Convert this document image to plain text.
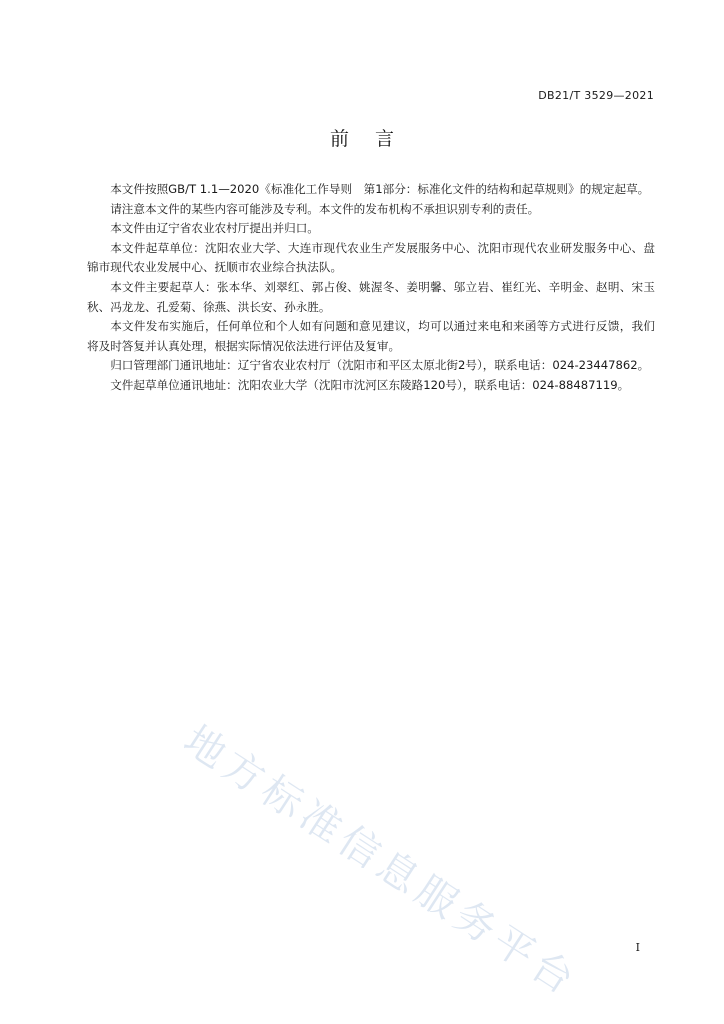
DB21/T 3529—2021
前言

本文件按照GB/T 1.1—2020《标准化工作导则　第1部分：标准化文件的结构和起草规则》的规定起草。

请注意本文件的某些内容可能涉及专利。本文件的发布机构不承担识别专利的责任。

本文件由辽宁省农业农村厅提出并归口。

本文件起草单位：沈阳农业大学、大连市现代农业生产发展服务中心、沈阳市现代农业研发服务中心、盘锦市现代农业发展中心、抚顺市农业综合执法队。

本文件主要起草人：张本华、刘翠红、郭占俊、姚渥冬、姜明馨、邬立岩、崔红光、辛明金、赵明、宋玉秋、冯龙龙、孔爱菊、徐燕、洪长安、孙永胜。

本文件发布实施后，任何单位和个人如有问题和意见建议，均可以通过来电和来函等方式进行反馈，我们将及时答复并认真处理，根据实际情况依法进行评估及复审。

归口管理部门通讯地址：辽宁省农业农村厅（沈阳市和平区太原北街2号），联系电话：024-23447862。

文件起草单位通讯地址：沈阳农业大学（沈阳市沈河区东陵路120号），联系电话：024-88487119。

地方标准信息服务平台	I
